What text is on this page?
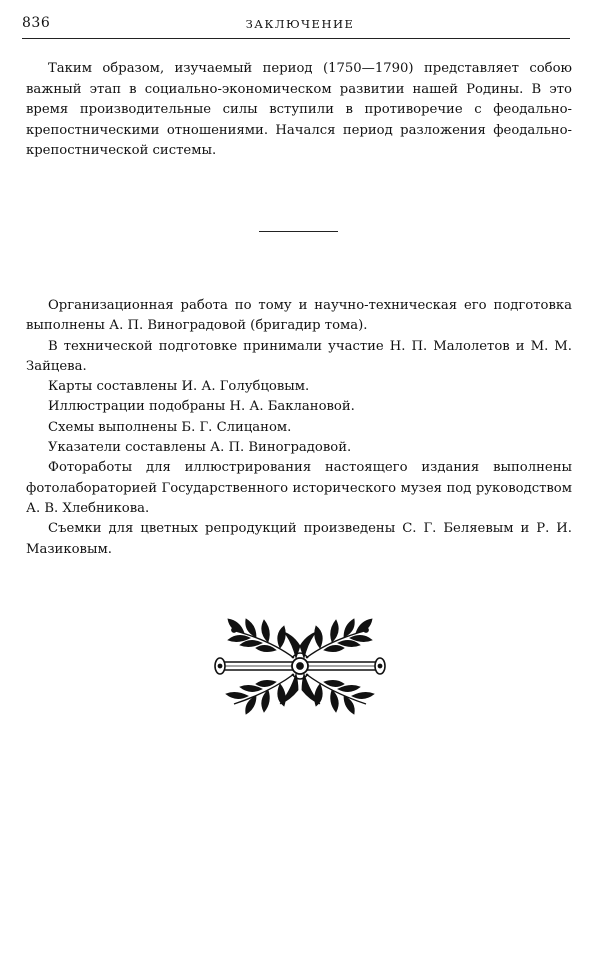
836	ЗАКЛЮЧЕНИЕ

Таким образом, изучаемый период (1750—1790) представляет собою важный этап в социально-экономическом развитии нашей Родины. В это время производительные силы вступили в противоречие с феодально-крепостническими отношениями. Начался период разложения феодально-крепостнической системы.

Организационная работа по тому и научно-техническая его подготовка выполнены А. П. Виноградовой (бригадир тома).

В технической подготовке принимали участие Н. П. Малолетов и М. М. Зайцева.

Карты составлены И. А. Голубцовым.

Иллюстрации подобраны Н. А. Баклановой.

Схемы выполнены Б. Г. Слицаном.

Указатели составлены А. П. Виноградовой.

Фоторaботы для иллюстрирования настоящего издания выполнены фотолабораторией Государственного исторического музея под руководством А. В. Хлебникова.

Съемки для цветных репродукций произведены С. Г. Беляевым и Р. И. Мазиковым.
